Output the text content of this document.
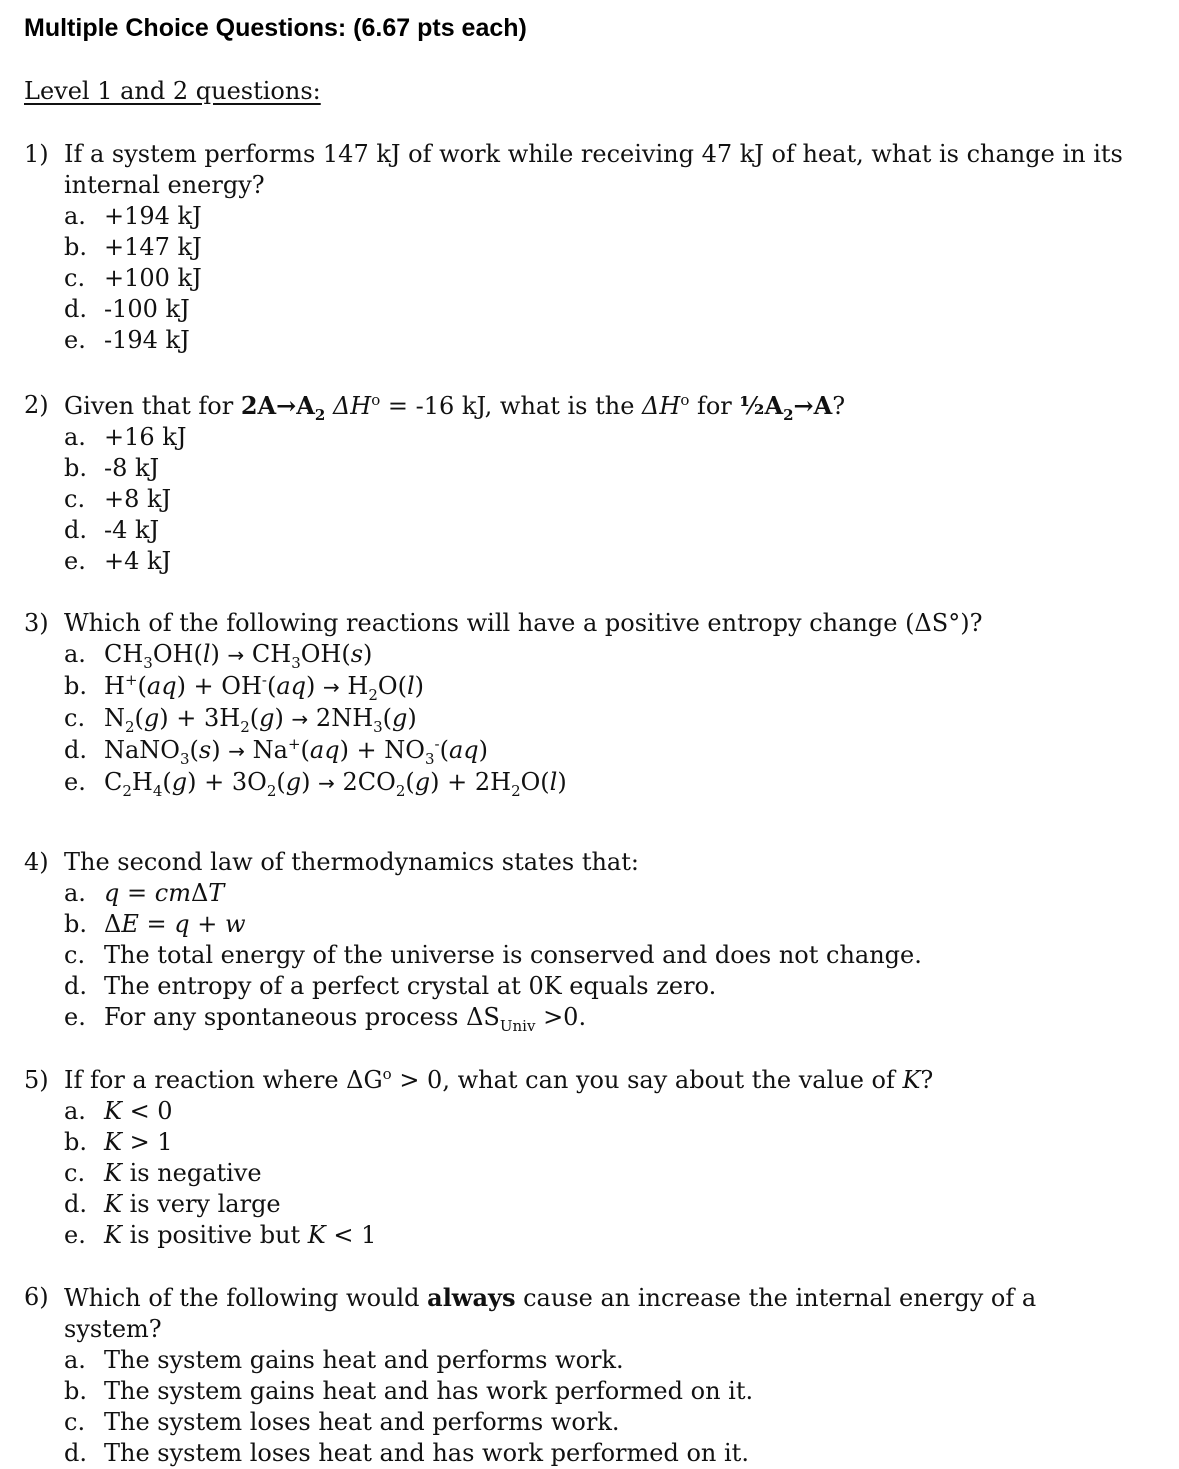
Multiple Choice Questions: (6.67 pts each)
Level 1 and 2 questions:
1) If a system performs 147 kJ of work while receiving 47 kJ of heat, what is change in its internal energy?
a. +194 kJ
b. +147 kJ
c. +100 kJ
d. -100 kJ
e. -194 kJ
2) Given that for $2A\to A_2$ $\Delta H^o = -16$ kJ, what is the $\Delta H^o$ for $\frac{1}{2}A_2\to A$?
a. +16 kJ
b. -8 kJ
c. +8 kJ
d. -4 kJ
e. +4 kJ
3) Which of the following reactions will have a positive entropy change (ΔS°)?
a. $CH_3OH(l) \to CH_3OH(s)$
b. $H^+(aq) + OH^-(aq) \to H_2O(l)$
c. $N_2(g) + 3H_2(g) \to 2NH_3(g)$
d. NaNO$_3$(s) → $Na^+(aq) + NO_3^-(aq)$
e. $C_2H_4(g) + 3O_2(g) \to 2CO_2(g) + 2H_2O(l)$
4) The second law of thermodynamics states that:
a. q = cmΔT
b. ΔE = q + w
c. The total energy of the universe is conserved and does not change.
d. The entropy of a perfect crystal at 0K equals zero.
e. For any spontaneous process $\Delta S_{Univ} >0$.
5) If for a reaction where $\Delta G^o > 0$, what can you say about the value of K?
a. K < 0
b. K > 1
c. K is negative
d. K is very large
e. K is positive but K < 1
6) Which of the following would always cause an increase the internal energy of a system?
a. The system gains heat and performs work.
b. The system gains heat and has work performed on it.
c. The system loses heat and performs work.
d. The system loses heat and has work performed on it.
